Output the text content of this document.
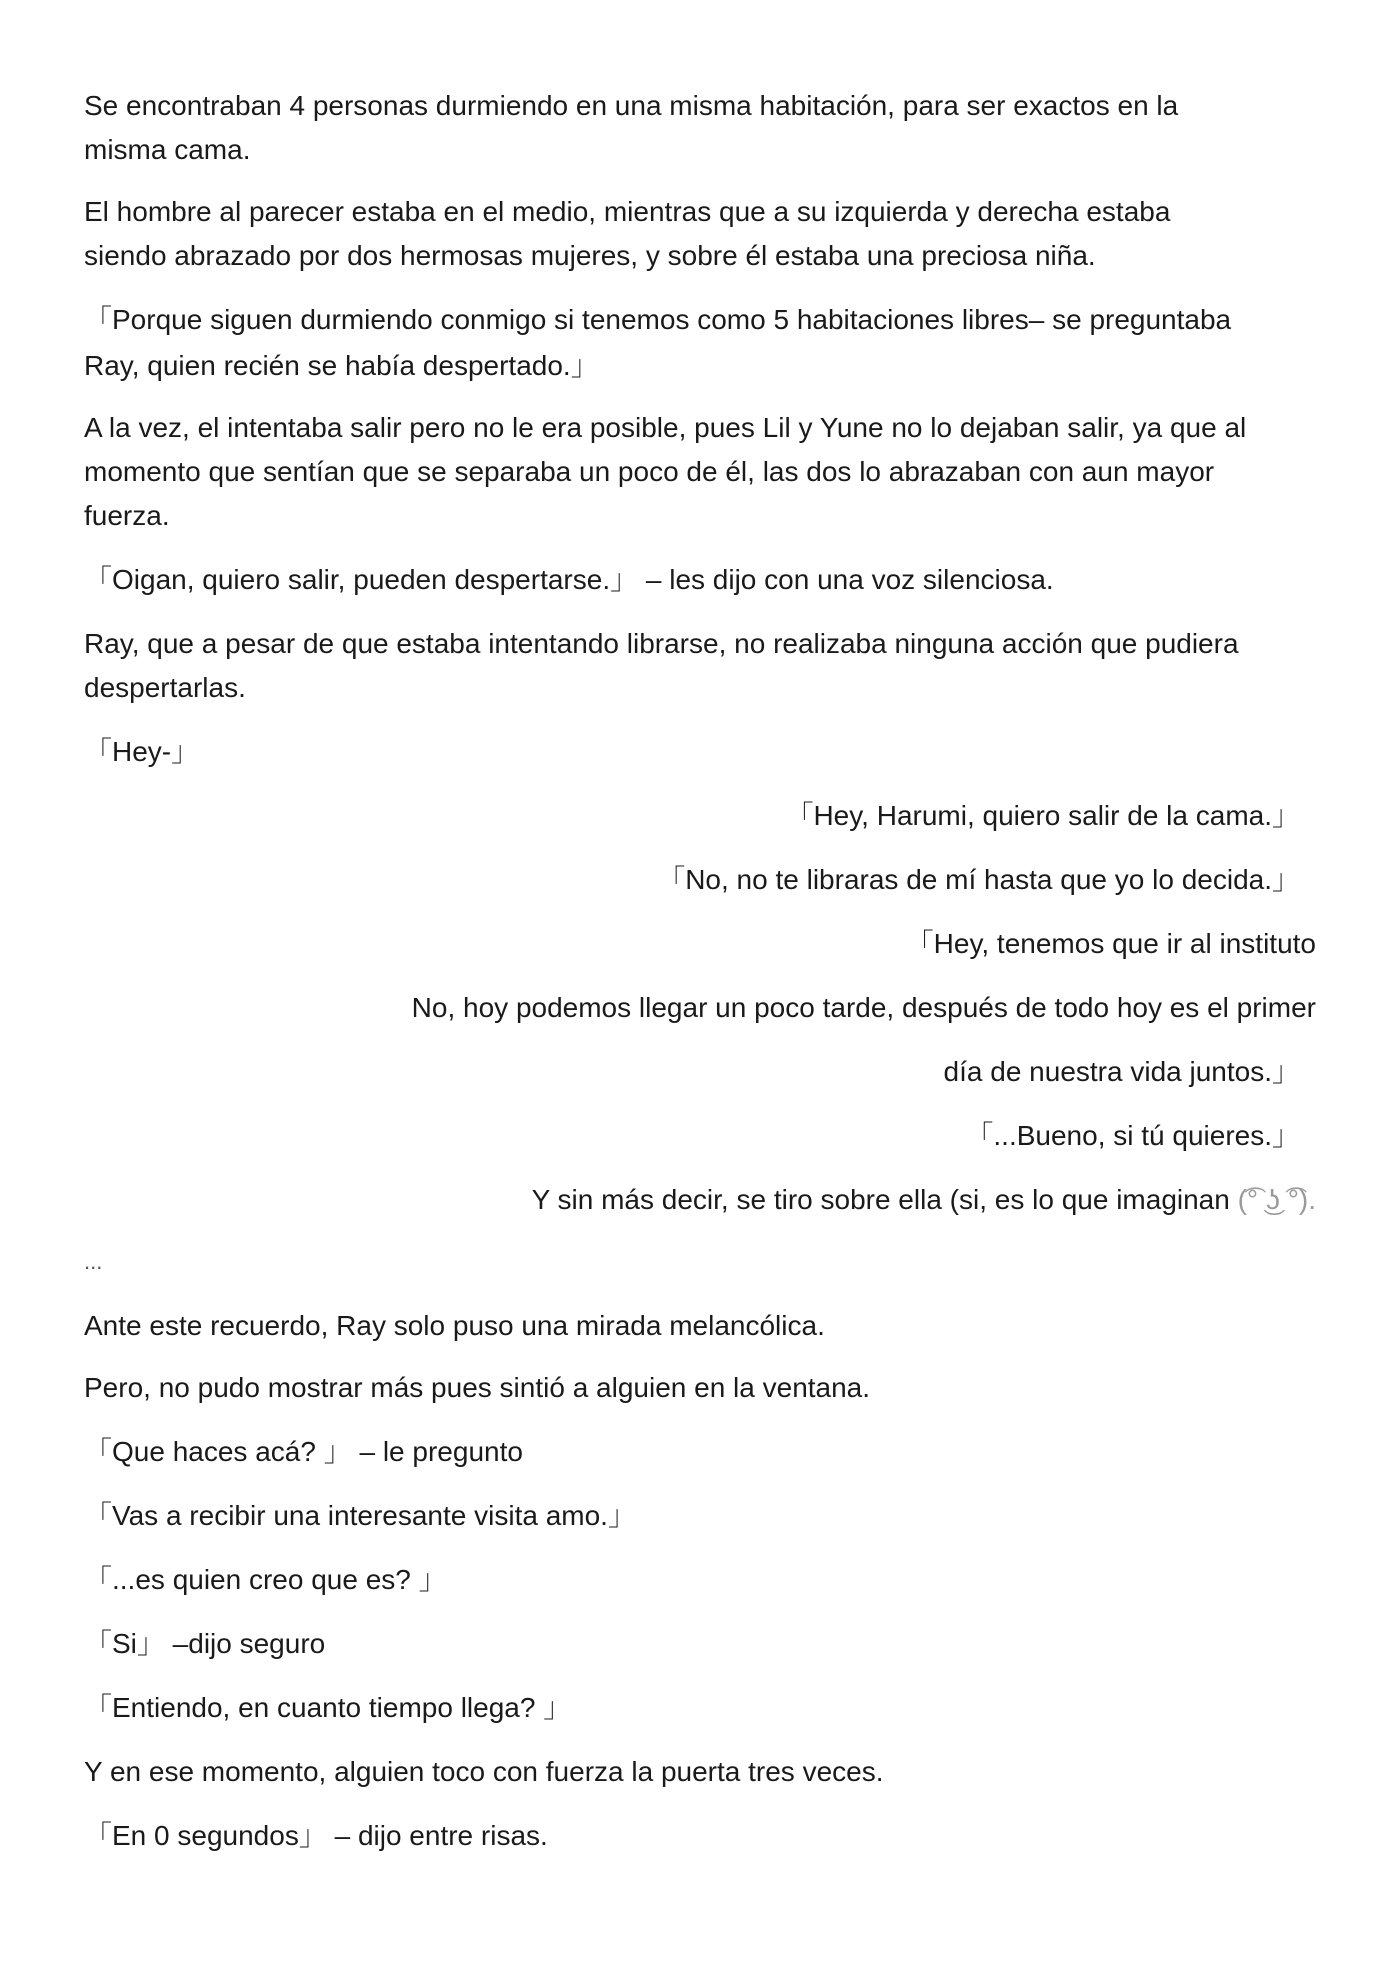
Se encontraban 4 personas durmiendo en una misma habitación, para ser exactos en la

misma cama.

El hombre al parecer estaba en el medio, mientras que a su izquierda y derecha estaba

siendo abrazado por dos hermosas mujeres, y sobre él estaba una preciosa niña.

「Porque siguen durmiendo conmigo si tenemos como 5 habitaciones libres– se preguntaba

Ray, quien recién se había despertado.」

A la vez, el intentaba salir pero no le era posible, pues Lil y Yune no lo dejaban salir, ya que al

momento que sentían que se separaba un poco de él, las dos lo abrazaban con aun mayor

fuerza.

「Oigan, quiero salir, pueden despertarse.」 – les dijo con una voz silenciosa.

Ray, que a pesar de que estaba intentando librarse, no realizaba ninguna acción que pudiera

despertarlas.

「Hey-」

「Hey, Harumi, quiero salir de la cama.」

「No, no te libraras de mí hasta que yo lo decida.」

「Hey, tenemos que ir al instituto

No, hoy podemos llegar un poco tarde, después de todo hoy es el primer

día de nuestra vida juntos.」

「...Bueno, si tú quieres.」

Y sin más decir, se tiro sobre ella (si, es lo que imaginan (͡° ͜ʖ ͡°).

...

Ante este recuerdo, Ray solo puso una mirada melancólica.

Pero, no pudo mostrar más pues sintió a alguien en la ventana.

「Que haces acá? 」 – le pregunto

「Vas a recibir una interesante visita amo.」

「...es quien creo que es? 」

「Si」 –dijo seguro

「Entiendo, en cuanto tiempo llega? 」

Y en ese momento, alguien toco con fuerza la puerta tres veces.

「En 0 segundos」 – dijo entre risas.
